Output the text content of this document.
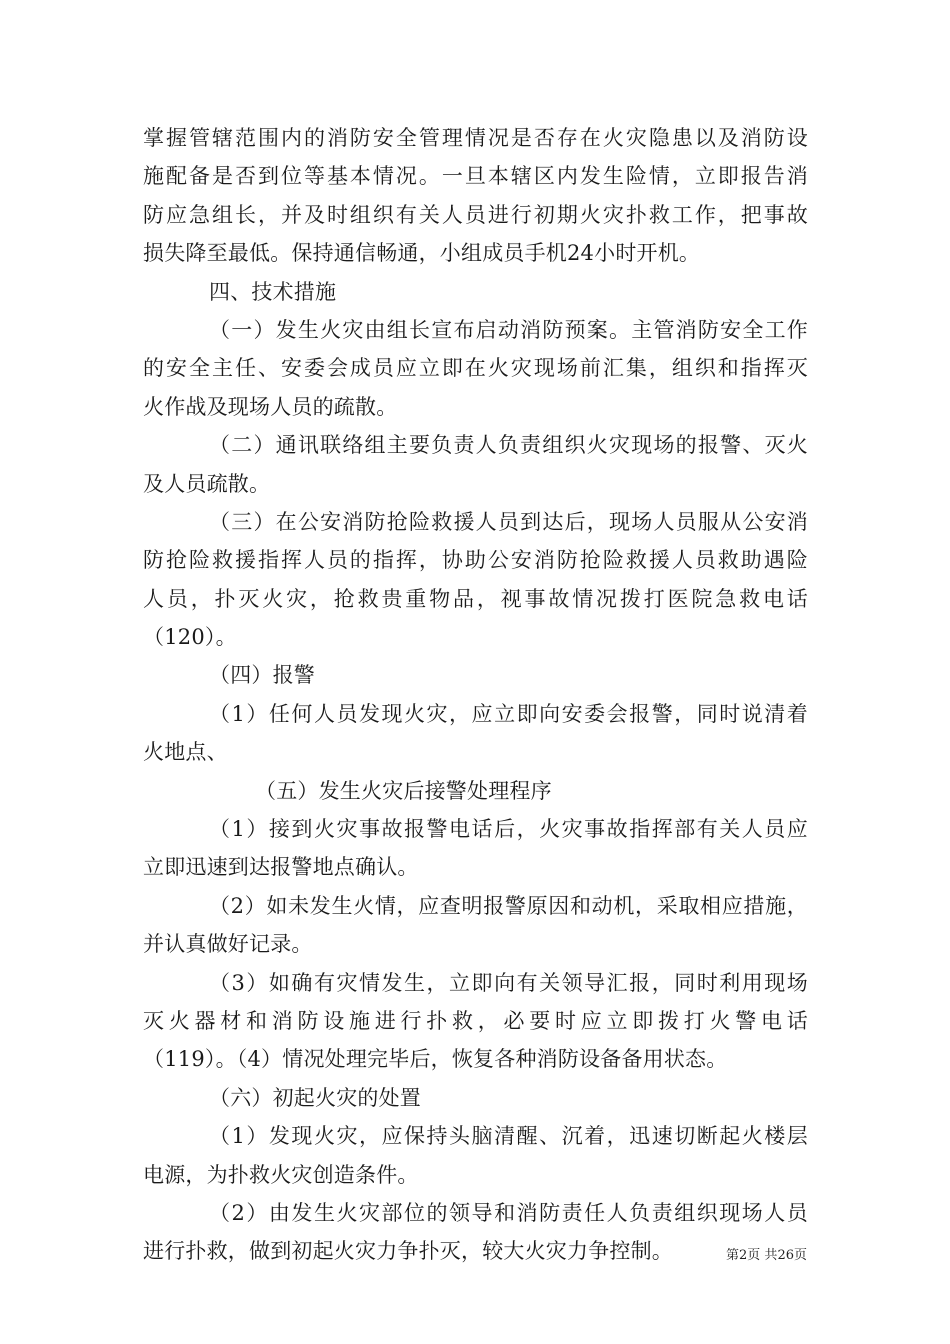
掌握管辖范围内的消防安全管理情况是否存在火灾隐患以及消防设
施配备是否到位等基本情况。一旦本辖区内发生险情，立即报告消
防应急组长，并及时组织有关人员进行初期火灾扑救工作，把事故
损失降至最低。保持通信畅通，小组成员手机24小时开机。
四、技术措施
（一）发生火灾由组长宣布启动消防预案。主管消防安全工作
的安全主任、安委会成员应立即在火灾现场前汇集，组织和指挥灭
火作战及现场人员的疏散。
（二）通讯联络组主要负责人负责组织火灾现场的报警、灭火
及人员疏散。
（三）在公安消防抢险救援人员到达后，现场人员服从公安消
防抢险救援指挥人员的指挥，协助公安消防抢险救援人员救助遇险
人员，扑灭火灾，抢救贵重物品，视事故情况拨打医院急救电话
（120）。
（四）报警
（1）任何人员发现火灾，应立即向安委会报警，同时说清着
火地点、
（五）发生火灾后接警处理程序
（1）接到火灾事故报警电话后，火灾事故指挥部有关人员应
立即迅速到达报警地点确认。
（2）如未发生火情，应查明报警原因和动机，采取相应措施，
并认真做好记录。
（3）如确有灾情发生，立即向有关领导汇报，同时利用现场
灭火器材和消防设施进行扑救，必要时应立即拨打火警电话
（119）。（4）情况处理完毕后，恢复各种消防设备备用状态。
（六）初起火灾的处置
（1）发现火灾，应保持头脑清醒、沉着，迅速切断起火楼层
电源，为扑救火灾创造条件。
（2）由发生火灾部位的领导和消防责任人负责组织现场人员
进行扑救，做到初起火灾力争扑灭，较大火灾力争控制。	第2页 共26页
